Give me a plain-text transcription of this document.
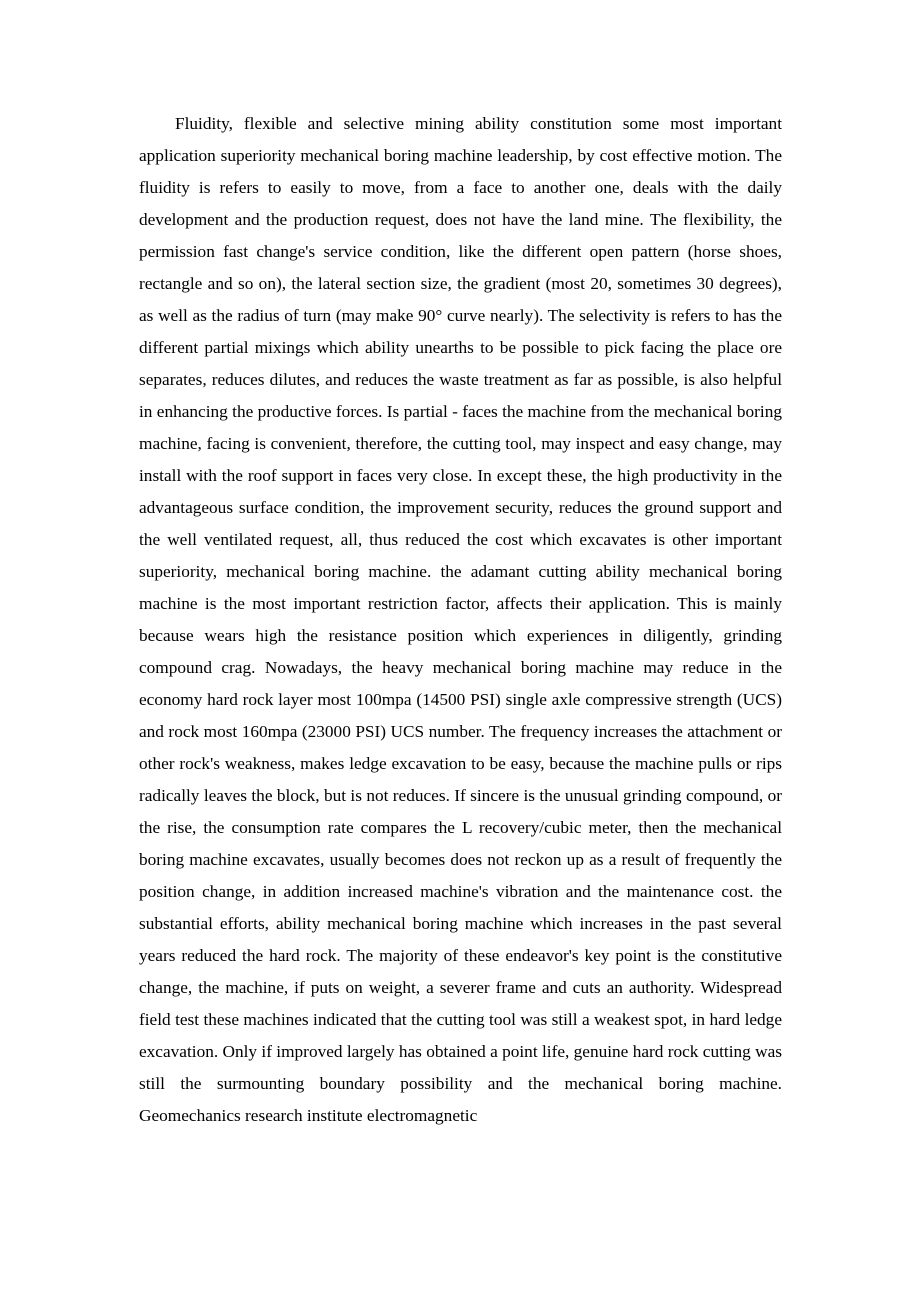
Fluidity, flexible and selective mining ability constitution some most important application superiority mechanical boring machine leadership, by cost effective motion. The fluidity is refers to easily to move, from a face to another one, deals with the daily development and the production request, does not have the land mine. The flexibility, the permission fast change's service condition, like the different open pattern (horse shoes, rectangle and so on), the lateral section size, the gradient (most 20, sometimes 30 degrees), as well as the radius of turn (may make 90° curve nearly). The selectivity is refers to has the different partial mixings which ability unearths to be possible to pick facing the place ore separates, reduces dilutes, and reduces the waste treatment as far as possible, is also helpful in enhancing the productive forces. Is partial - faces the machine from the mechanical boring machine, facing is convenient, therefore, the cutting tool, may inspect and easy change, may install with the roof support in faces very close. In except these, the high productivity in the advantageous surface condition, the improvement security, reduces the ground support and the well ventilated request, all, thus reduced the cost which excavates is other important superiority, mechanical boring machine. the adamant cutting ability mechanical boring machine is the most important restriction factor, affects their application. This is mainly because wears high the resistance position which experiences in diligently, grinding compound crag. Nowadays, the heavy mechanical boring machine may reduce in the economy hard rock layer most 100mpa (14500 PSI) single axle compressive strength (UCS) and rock most 160mpa (23000 PSI) UCS number. The frequency increases the attachment or other rock's weakness, makes ledge excavation to be easy, because the machine pulls or rips radically leaves the block, but is not reduces. If sincere is the unusual grinding compound, or the rise, the consumption rate compares the L recovery/cubic meter, then the mechanical boring machine excavates, usually becomes does not reckon up as a result of frequently the position change, in addition increased machine's vibration and the maintenance cost. the substantial efforts, ability mechanical boring machine which increases in the past several years reduced the hard rock. The majority of these endeavor's key point is the constitutive change, the machine, if puts on weight, a severer frame and cuts an authority. Widespread field test these machines indicated that the cutting tool was still a weakest spot, in hard ledge excavation. Only if improved largely has obtained a point life, genuine hard rock cutting was still the surmounting boundary possibility and the mechanical boring machine. Geomechanics research institute electromagnetic
